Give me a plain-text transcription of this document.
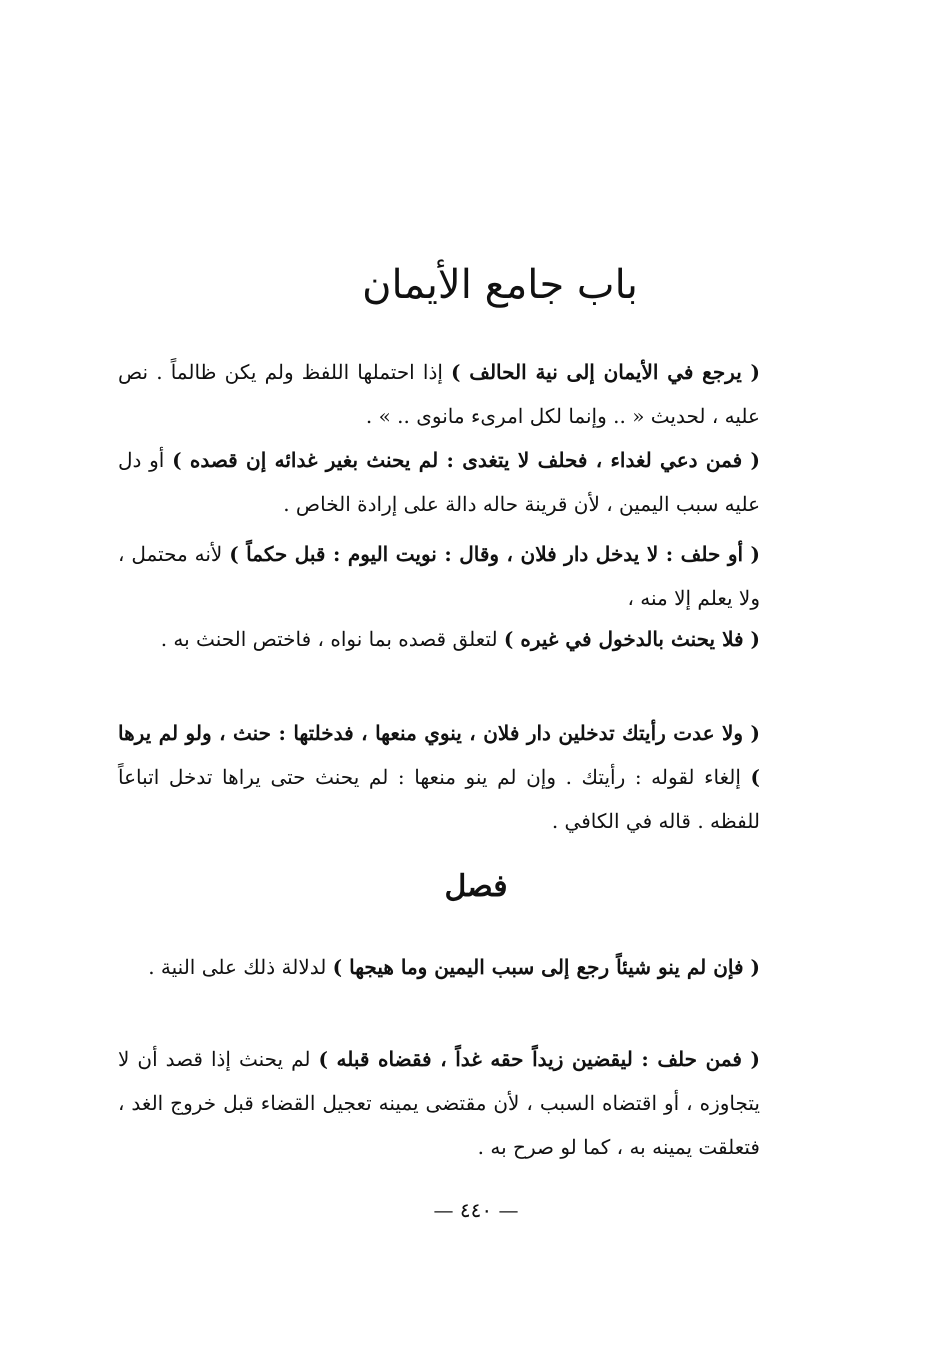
باب جامع الأيمان
( يرجع في الأيمان إلى نية الحالف ) إذا احتملها اللفظ ولم يكن ظالماً . نص عليه ، لحديث « .. وإنما لكل امرىء مانوى .. » .
( فمن دعي لغداء ، فحلف لا يتغدى : لم يحنث بغير غدائه إن قصده ) أو دل عليه سبب اليمين ، لأن قرينة حاله دالة على إرادة الخاص .
( أو حلف : لا يدخل دار فلان ، وقال : نويت اليوم : قبل حكماً ) لأنه محتمل ، ولا يعلم إلا منه ،
( فلا يحنث بالدخول في غيره ) لتعلق قصده بما نواه ، فاختص الحنث به .
( ولا عدت رأيتك تدخلين دار فلان ، ينوي منعها ، فدخلتها : حنث ، ولو لم يرها ) إلغاء لقوله : رأيتك . وإن لم ينو منعها : لم يحنث حتى يراها تدخل اتباعاً للفظه . قاله في الكافي .
فصل
( فإن لم ينو شيئاً رجع إلى سبب اليمين وما هيجها ) لدلالة ذلك على النية .
( فمن حلف : ليقضين زيداً حقه غداً ، فقضاه قبله ) لم يحنث إذا قصد أن لا يتجاوزه ، أو اقتضاه السبب ، لأن مقتضى يمينه تعجيل القضاء قبل خروج الغد ، فتعلقت يمينه به ، كما لو صرح به .
— ٤٤٠ —
